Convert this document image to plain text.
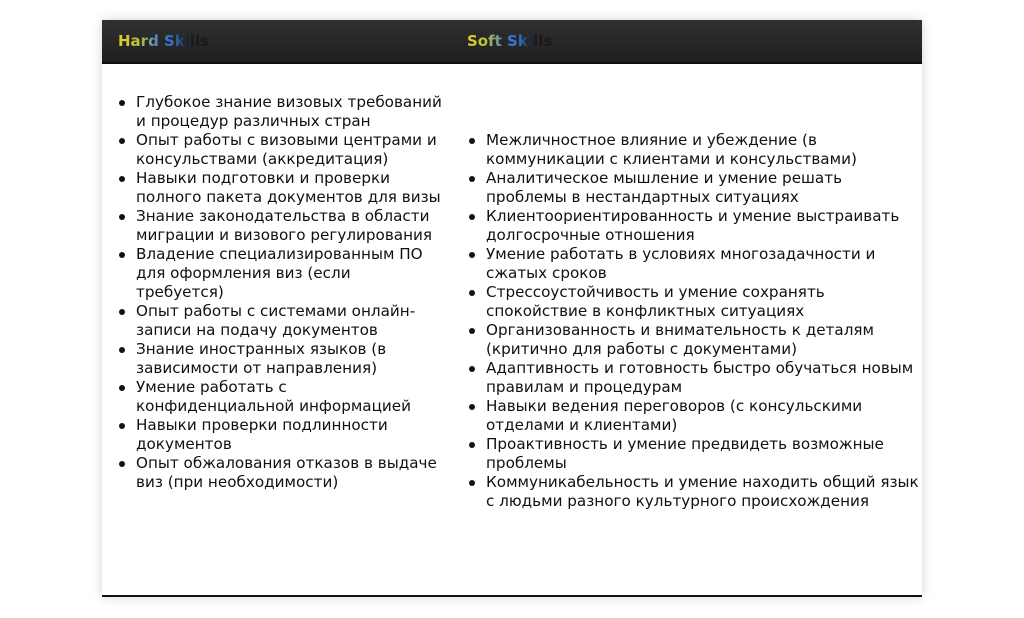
Hard Skills	Soft Skills
Глубокое знание визовых требований и процедур различных стран
Опыт работы с визовыми центрами и консульствами (аккредитация)
Навыки подготовки и проверки полного пакета документов для визы
Знание законодательства в области миграции и визового регулирования
Владение специализированным ПО для оформления виз (если требуется)
Опыт работы с системами онлайн-записи на подачу документов
Знание иностранных языков (в зависимости от направления)
Умение работать с конфиденциальной информацией
Навыки проверки подлинности документов
Опыт обжалования отказов в выдаче виз (при необходимости)
Межличностное влияние и убеждение (в коммуникации с клиентами и консульствами)
Аналитическое мышление и умение решать проблемы в нестандартных ситуациях
Клиентоориентированность и умение выстраивать долгосрочные отношения
Умение работать в условиях многозадачности и сжатых сроков
Стрессоустойчивость и умение сохранять спокойствие в конфликтных ситуациях
Организованность и внимательность к деталям (критично для работы с документами)
Адаптивность и готовность быстро обучаться новым правилам и процедурам
Навыки ведения переговоров (с консульскими отделами и клиентами)
Проактивность и умение предвидеть возможные проблемы
Коммуникабельность и умение находить общий язык с людьми разного культурного происхождения
